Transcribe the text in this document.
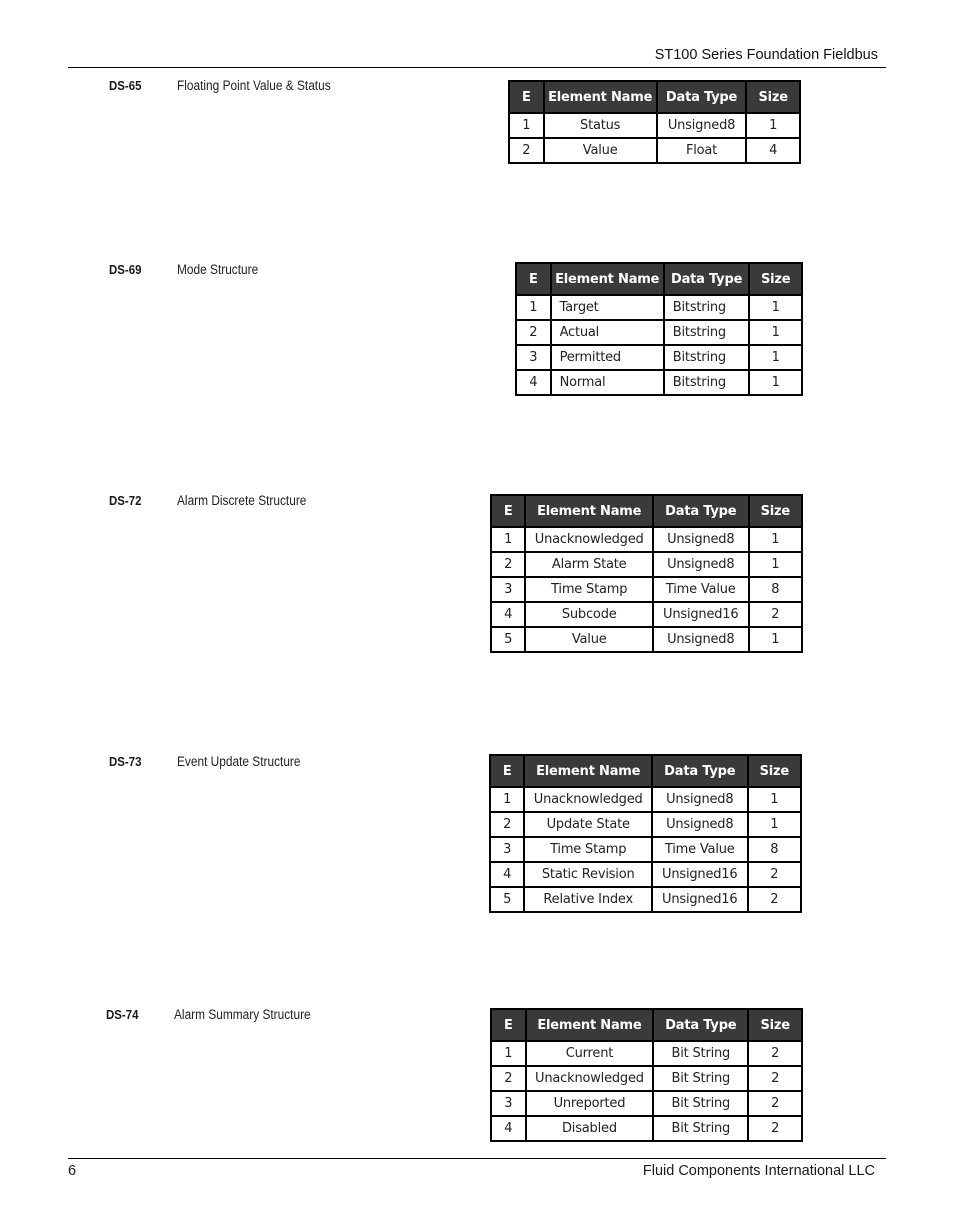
ST100 Series Foundation Fieldbus
DS-65	Floating Point Value & Status
E	Element Name	Data Type	Size
1	Status	Unsigned8	1
2	Value	Float	4
DS-69	Mode Structure
E	Element Name	Data Type	Size
1	Target	Bitstring	1
2	Actual	Bitstring	1
3	Permitted	Bitstring	1
4	Normal	Bitstring	1
DS-72	Alarm Discrete Structure
E	Element Name	Data Type	Size
1	Unacknowledged	Unsigned8	1
2	Alarm State	Unsigned8	1
3	Time Stamp	Time Value	8
4	Subcode	Unsigned16	2
5	Value	Unsigned8	1
DS-73	Event Update Structure
E	Element Name	Data Type	Size
1	Unacknowledged	Unsigned8	1
2	Update State	Unsigned8	1
3	Time Stamp	Time Value	8
4	Static Revision	Unsigned16	2
5	Relative Index	Unsigned16	2
DS-74	Alarm Summary Structure
E	Element Name	Data Type	Size
1	Current	Bit String	2
2	Unacknowledged	Bit String	2
3	Unreported	Bit String	2
4	Disabled	Bit String	2
6	Fluid Components International LLC
